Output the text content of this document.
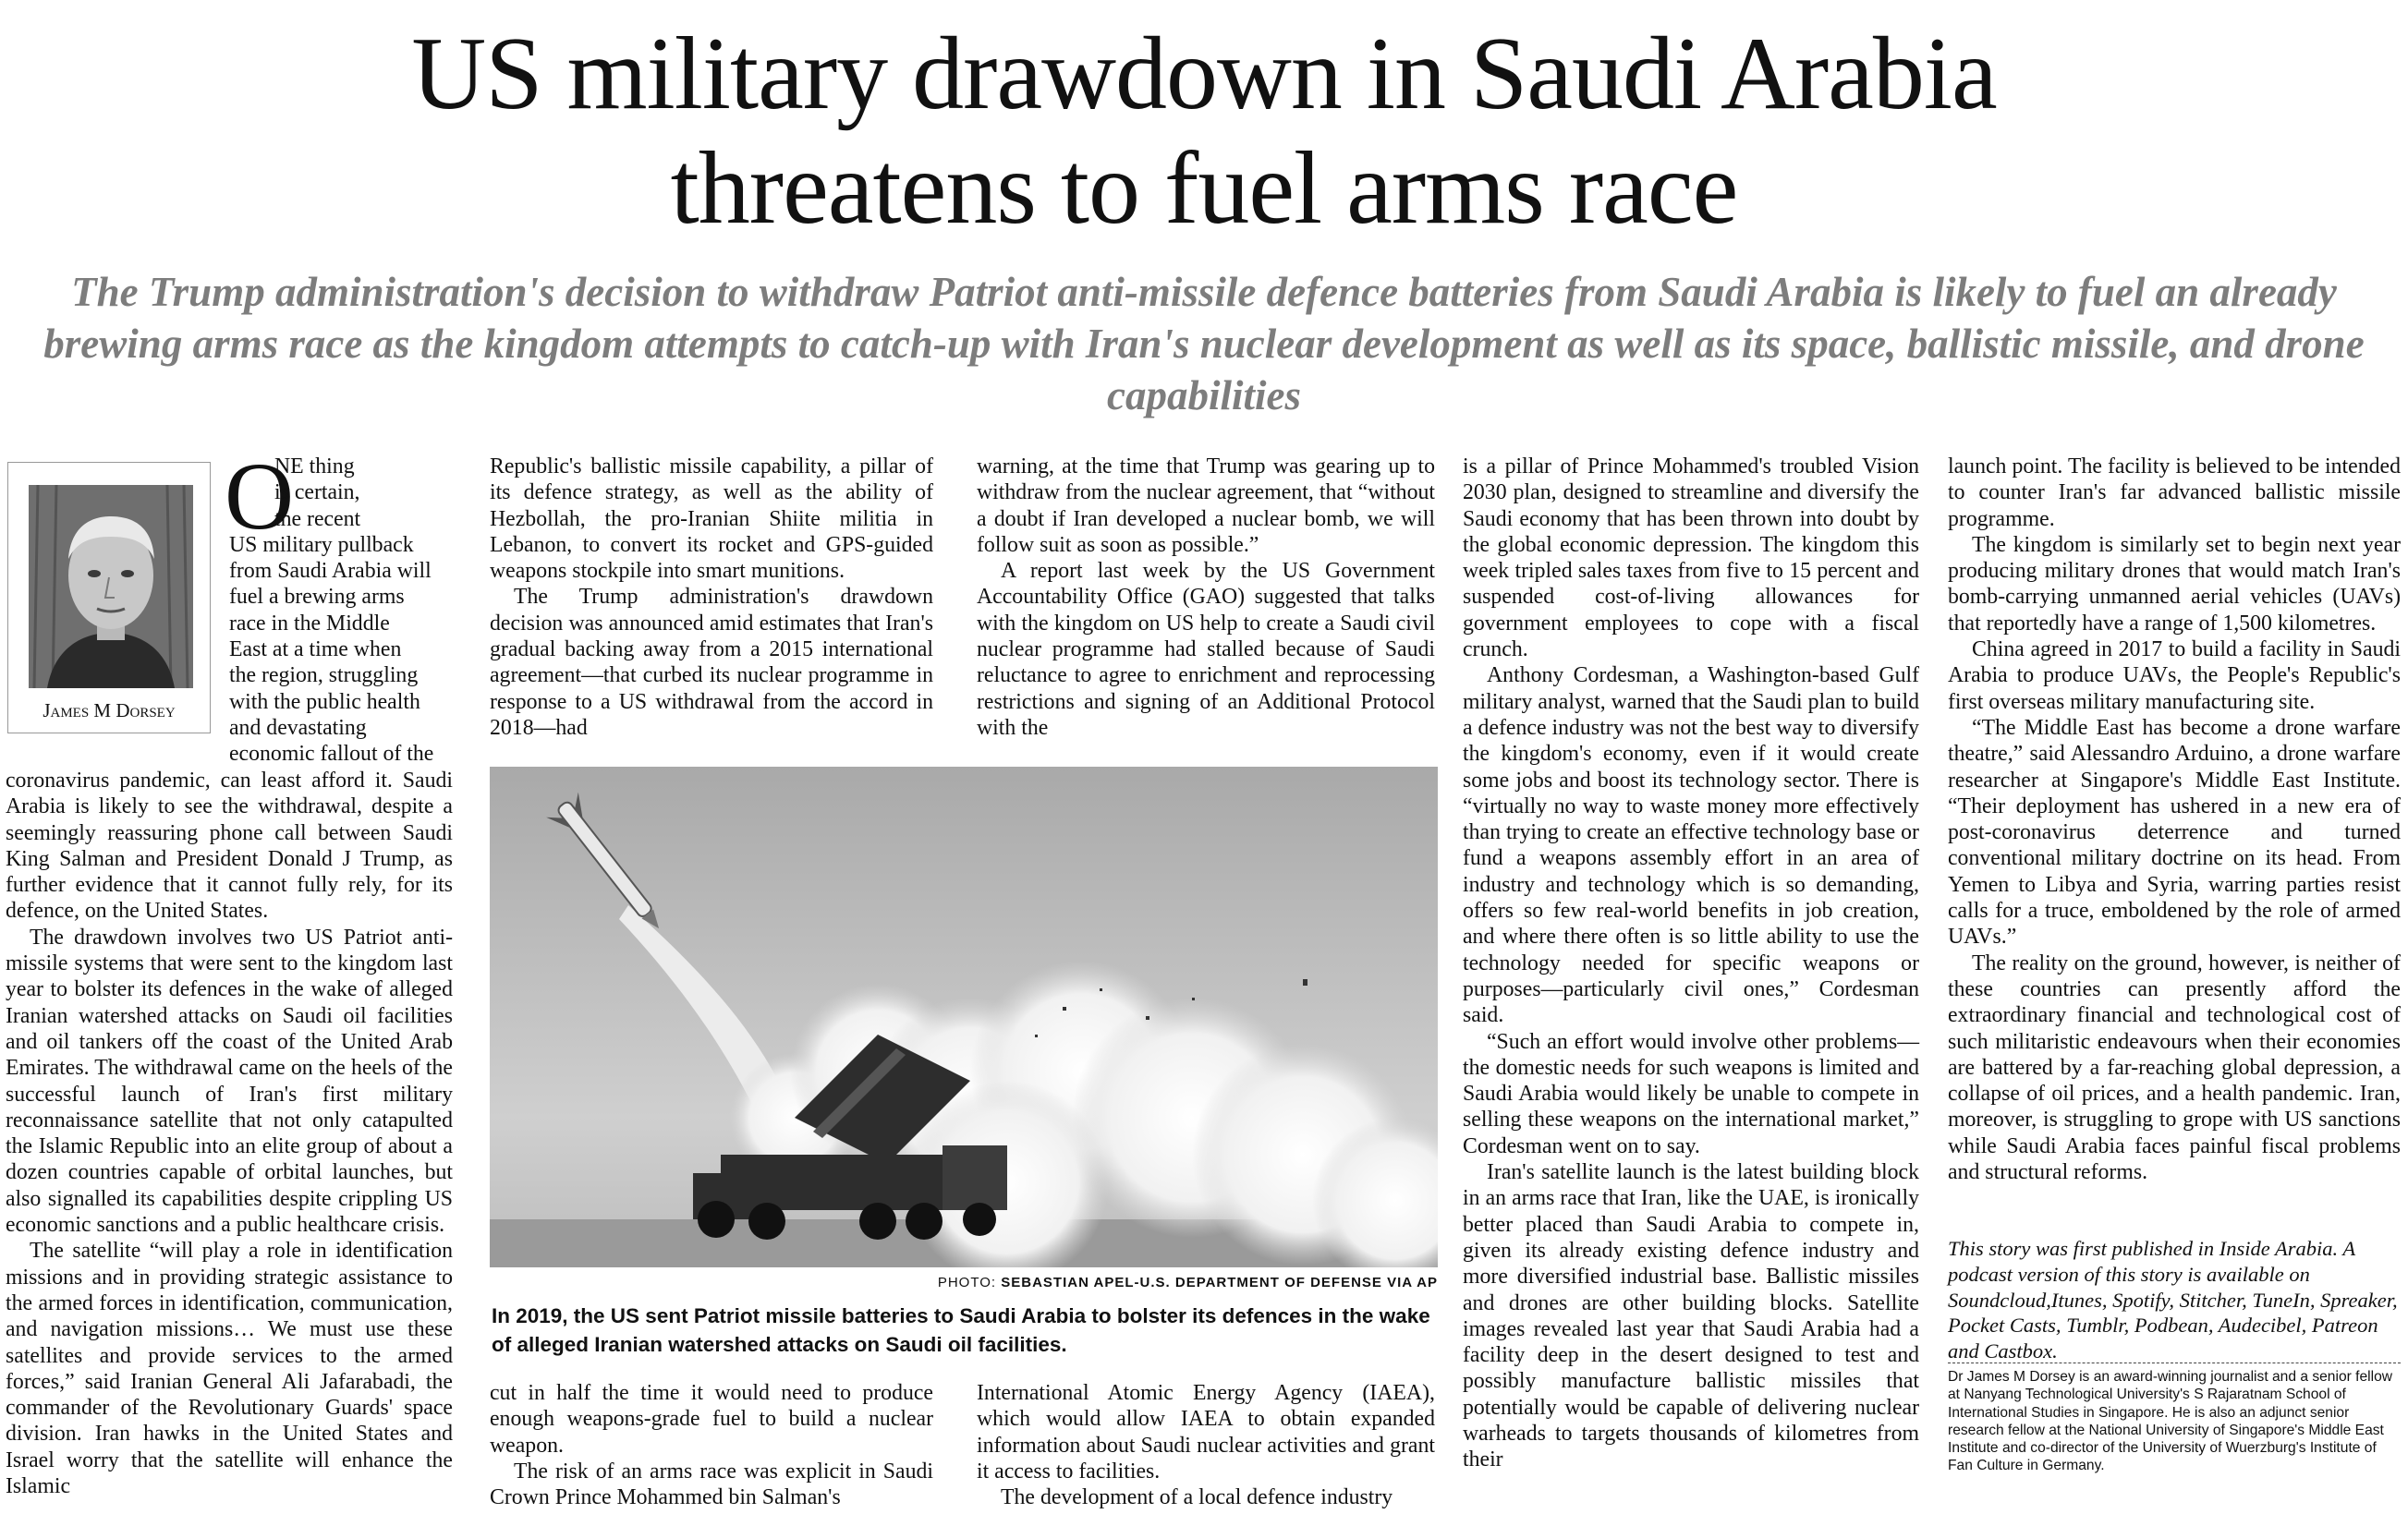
US military drawdown in Saudi Arabia
threatens to fuel arms race
The Trump administration's decision to withdraw Patriot anti-missile defence batteries from Saudi Arabia is likely to fuel an already brewing arms race as the kingdom attempts to catch-up with Iran's nuclear development as well as its space, ballistic missile, and drone capabilities
James M Dorsey
O
NE thing
is certain,
the recent
US military pullback
from Saudi Arabia will
fuel a brewing arms
race in the Middle
East at a time when
the region, struggling
with the public health
and devastating
economic fallout of the

coronavirus pandemic, can least afford it. Saudi Arabia is likely to see the withdrawal, despite a seemingly reassuring phone call between Saudi King Salman and President Donald J Trump, as further evidence that it cannot fully rely, for its defence, on the United States.

The drawdown involves two US Patriot anti-missile systems that were sent to the kingdom last year to bolster its defences in the wake of alleged Iranian watershed attacks on Saudi oil facilities and oil tankers off the coast of the United Arab Emirates. The withdrawal came on the heels of the successful launch of Iran's first military reconnaissance satellite that not only catapulted the Islamic Republic into an elite group of about a dozen countries capable of orbital launches, but also signalled its capabilities despite crippling US economic sanctions and a public healthcare crisis.

The satellite “will play a role in identification missions and in providing strategic assistance to the armed forces in identification, communication, and navigation missions… We must use these satellites and provide services to the armed forces,” said Iranian General Ali Jafarabadi, the commander of the Revolutionary Guards' space division. Iran hawks in the United States and Israel worry that the satellite will enhance the Islamic

Republic's ballistic missile capability, a pillar of its defence strategy, as well as the ability of Hezbollah, the pro-Iranian Shiite militia in Lebanon, to convert its rocket and GPS-guided weapons stockpile into smart munitions.

The Trump administration's drawdown decision was announced amid estimates that Iran's gradual backing away from a 2015 international agreement—that curbed its nuclear programme in response to a US withdrawal from the accord in 2018—had

warning, at the time that Trump was gearing up to withdraw from the nuclear agreement, that “without a doubt if Iran developed a nuclear bomb, we will follow suit as soon as possible.”

A report last week by the US Government Accountability Office (GAO) suggested that talks with the kingdom on US help to create a Saudi civil nuclear programme had stalled because of Saudi reluctance to agree to enrichment and reprocessing restrictions and signing of an Additional Protocol with the

PHOTO: SEBASTIAN APEL-U.S. DEPARTMENT OF DEFENSE VIA AP
In 2019, the US sent Patriot missile batteries to Saudi Arabia to bolster its defences in the wake of alleged Iranian watershed attacks on Saudi oil facilities.

cut in half the time it would need to produce enough weapons-grade fuel to build a nuclear weapon.

The risk of an arms race was explicit in Saudi Crown Prince Mohammed bin Salman's

International Atomic Energy Agency (IAEA), which would allow IAEA to obtain expanded information about Saudi nuclear activities and grant it access to facilities.

The development of a local defence industry

is a pillar of Prince Mohammed's troubled Vision 2030 plan, designed to streamline and diversify the Saudi economy that has been thrown into doubt by the global economic depression. The kingdom this week tripled sales taxes from five to 15 percent and suspended cost-of-living allowances for government employees to cope with a fiscal crunch.

Anthony Cordesman, a Washington-based Gulf military analyst, warned that the Saudi plan to build a defence industry was not the best way to diversify the kingdom's economy, even if it would create some jobs and boost its technology sector. There is “virtually no way to waste money more effectively than trying to create an effective technology base or fund a weapons assembly effort in an area of industry and technology which is so demanding, offers so few real-world benefits in job creation, and where there often is so little ability to use the technology needed for specific weapons or purposes—particularly civil ones,” Cordesman said.

“Such an effort would involve other problems—the domestic needs for such weapons is limited and Saudi Arabia would likely be unable to compete in selling these weapons on the international market,” Cordesman went on to say.

Iran's satellite launch is the latest building block in an arms race that Iran, like the UAE, is ironically better placed than Saudi Arabia to compete in, given its already existing defence industry and more diversified industrial base. Ballistic missiles and drones are other building blocks. Satellite images revealed last year that Saudi Arabia had a facility deep in the desert designed to test and possibly manufacture ballistic missiles that potentially would be capable of delivering nuclear warheads to targets thousands of kilometres from their

launch point. The facility is believed to be intended to counter Iran's far advanced ballistic missile programme.

The kingdom is similarly set to begin next year producing military drones that would match Iran's bomb-carrying unmanned aerial vehicles (UAVs) that reportedly have a range of 1,500 kilometres.

China agreed in 2017 to build a facility in Saudi Arabia to produce UAVs, the People's Republic's first overseas military manufacturing site.

“The Middle East has become a drone warfare theatre,” said Alessandro Arduino, a drone warfare researcher at Singapore's Middle East Institute. “Their deployment has ushered in a new era of post-coronavirus deterrence and turned conventional military doctrine on its head. From Yemen to Libya and Syria, warring parties resist calls for a truce, emboldened by the role of armed UAVs.”

The reality on the ground, however, is neither of these countries can presently afford the extraordinary financial and technological cost of such militaristic endeavours when their economies are battered by a far-reaching global depression, a collapse of oil prices, and a health pandemic. Iran, moreover, is struggling to grope with US sanctions while Saudi Arabia faces painful fiscal problems and structural reforms.

This story was first published in Inside Arabia. A podcast version of this story is available on Soundcloud,Itunes, Spotify, Stitcher, TuneIn, Spreaker, Pocket Casts, Tumblr, Podbean, Audecibel, Patreon and Castbox.
Dr James M Dorsey is an award-winning journalist and a senior fellow at Nanyang Technological University's S Rajaratnam School of International Studies in Singapore. He is also an adjunct senior research fellow at the National University of Singapore's Middle East Institute and co-director of the University of Wuerzburg's Institute of Fan Culture in Germany.
